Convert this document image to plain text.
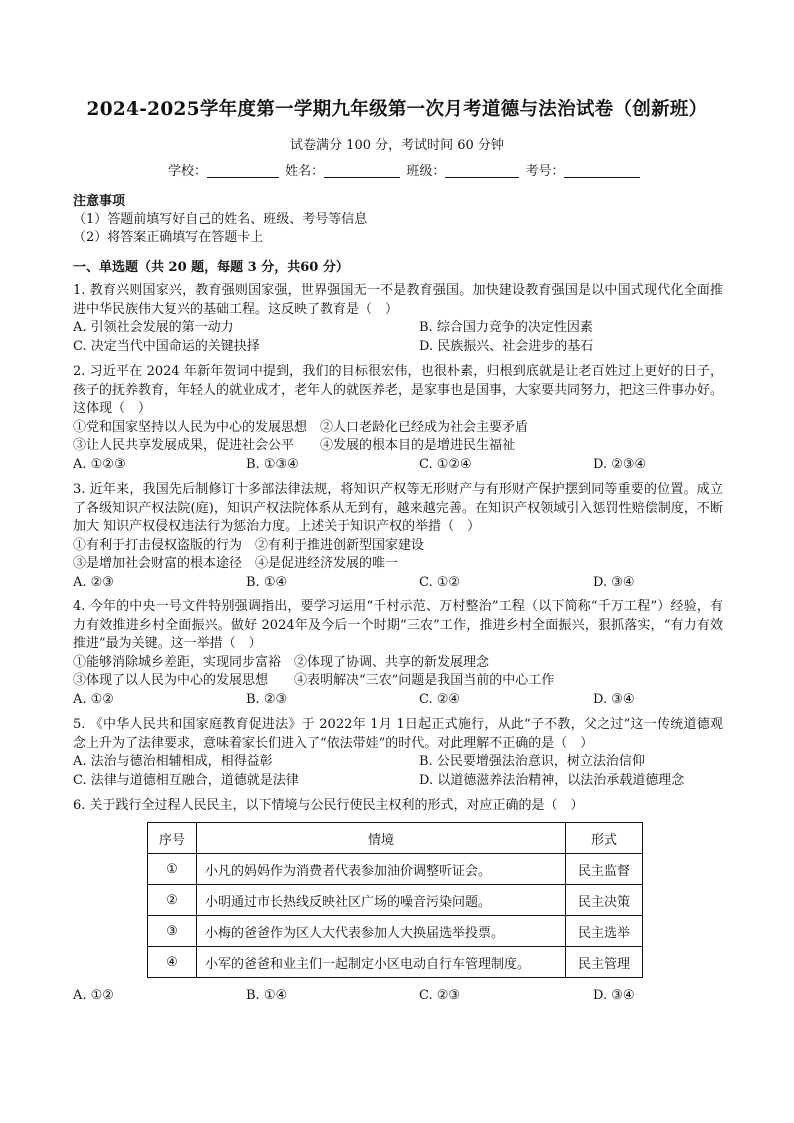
2024-2025学年度第一学期九年级第一次月考道德与法治试卷（创新班）
试卷满分 100 分，考试时间 60 分钟
学校：	姓名：	班级：	考号：
注意事项
（1）答题前填写好自己的姓名、班级、考号等信息
（2）将答案正确填写在答题卡上
一、单选题（共 20 题，每题 3 分，共60 分）
1. 教育兴则国家兴，教育强则国家强，世界强国无一不是教育强国。加快建设教育强国是以中国式现代化全面推进中华民族伟大复兴的基础工程。这反映了教育是（　）
A. 引领社会发展的第一动力	B. 综合国力竞争的决定性因素
C. 决定当代中国命运的关键抉择	D. 民族振兴、社会进步的基石
2. 习近平在 2024 年新年贺词中提到，我们的目标很宏伟，也很朴素，归根到底就是让老百姓过上更好的日子，孩子的抚养教育，年轻人的就业成才，老年人的就医养老，是家事也是国事，大家要共同努力，把这三件事办好。这体现（　）
①党和国家坚持以人民为中心的发展思想　②人口老龄化已经成为社会主要矛盾
③让人民共享发展成果，促进社会公平　　④发展的根本目的是增进民生福祉
A. ①②③	B. ①③④	C. ①②④	D. ②③④
3. 近年来，我国先后制修订十多部法律法规，将知识产权等无形财产与有形财产保护摆到同等重要的位置。成立了各级知识产权法院(庭)，知识产权法院体系从无到有，越来越完善。在知识产权领域引入惩罚性赔偿制度，不断加大 知识产权侵权违法行为惩治力度。上述关于知识产权的举措（　）
①有利于打击侵权盗版的行为　②有利于推进创新型国家建设
③是增加社会财富的根本途径　④是促进经济发展的唯一
A. ②③	B. ①④	C. ①②	D. ③④
4. 今年的中央一号文件特别强调指出，要学习运用“千村示范、万村整治”工程（以下简称“千万工程”）经验，有力有效推进乡村全面振兴。做好 2024年及今后一个时期“三农”工作，推进乡村全面振兴，狠抓落实，“有力有效推进”最为关键。这一举措（　）
①能够消除城乡差距，实现同步富裕　②体现了协调、共享的新发展理念
③体现了以人民为中心的发展思想　　④表明解决“三农”问题是我国当前的中心工作
A. ①②	B. ②③	C. ②④	D. ③④
5. 《中华人民共和国家庭教育促进法》于 2022年 1月 1日起正式施行，从此“子不教，父之过”这一传统道德观念上升为了法律要求，意味着家长们进入了“依法带娃”的时代。对此理解不正确的是（　）
A. 法治与德治相辅相成，相得益彰	B. 公民要增强法治意识，树立法治信仰
C. 法律与道德相互融合，道德就是法律	D. 以道德滋养法治精神，以法治承载道德理念
6. 关于践行全过程人民民主，以下情境与公民行使民主权利的形式，对应正确的是（　）
序号	情境	形式
①	小凡的妈妈作为消费者代表参加油价调整听证会。	民主监督
②	小明通过市长热线反映社区广场的噪音污染问题。	民主决策
③	小梅的爸爸作为区人大代表参加人大换届选举投票。	民主选举
④	小军的爸爸和业主们一起制定小区电动自行车管理制度。	民主管理
A. ①②	B. ①④	C. ②③	D. ③④
